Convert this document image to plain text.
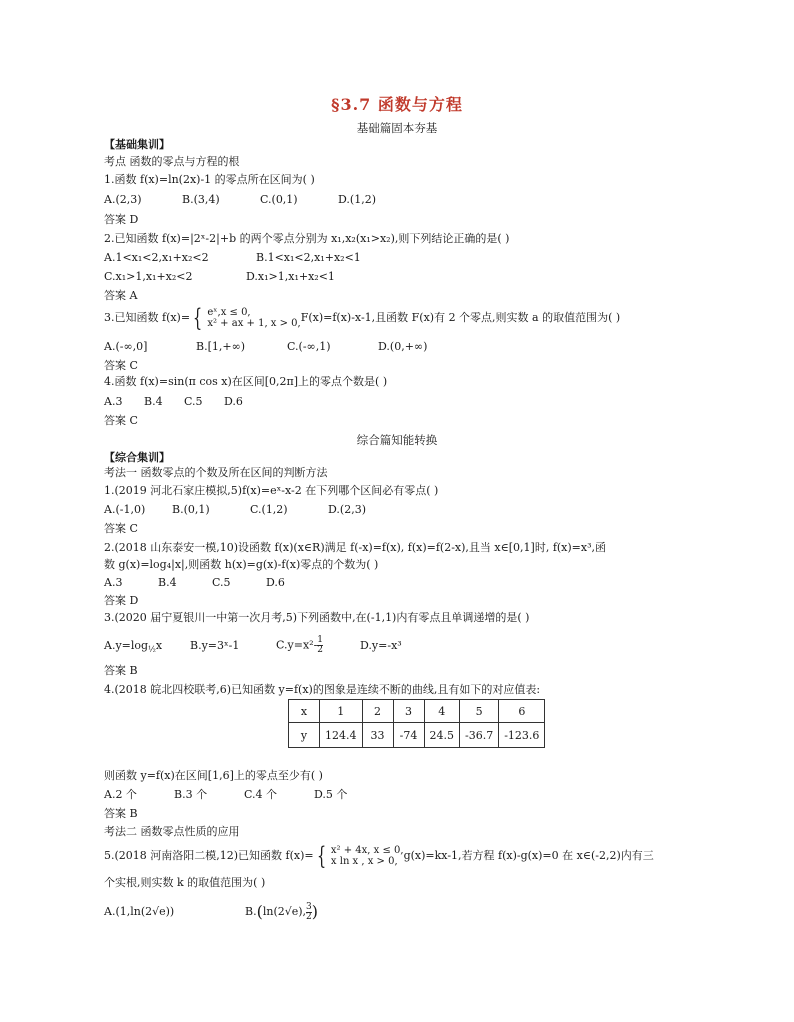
§3.7 函数与方程
基础篇固本夯基
【基础集训】
考点 函数的零点与方程的根
1.函数 f(x)=ln(2x)-1 的零点所在区间为( )
A.(2,3)	B.(3,4)	C.(0,1)	D.(1,2)
答案 D
2.已知函数 f(x)=|2ˣ-2|+b 的两个零点分别为 x₁,x₂(x₁>x₂),则下列结论正确的是( )
A.1<x₁<2,x₁+x₂<2	B.1<x₁<2,x₁+x₂<1
C.x₁>1,x₁+x₂<2	D.x₁>1,x₁+x₂<1
答案 A
3.已知函数 f(x)= { eˣ,x ≤ 0,
x² + ax + 1, x > 0,F(x)=f(x)-x-1,且函数 F(x)有 2 个零点,则实数 a 的取值范围为( )
A.(-∞,0]	B.[1,+∞)	C.(-∞,1)	D.(0,+∞)
答案 C
4.函数 f(x)=sin(π cos x)在区间[0,2π]上的零点个数是( )
A.3 B.4 C.5 D.6
答案 C
综合篇知能转换
【综合集训】
考法一 函数零点的个数及所在区间的判断方法
1.(2019 河北石家庄模拟,5)f(x)=eˣ-x-2 在下列哪个区间必有零点( )
A.(-1,0) B.(0,1)	C.(1,2)	D.(2,3)
答案 C
2.(2018 山东泰安一模,10)设函数 f(x)(x∈R)满足 f(-x)=f(x), f(x)=f(2-x),且当 x∈[0,1]时, f(x)=x³,函
数 g(x)=log₄|x|,则函数 h(x)=g(x)-f(x)零点的个数为( )
A.3	B.4	C.5	D.6
答案 D
3.(2020 届宁夏银川一中第一次月考,5)下列函数中,在(-1,1)内有零点且单调递增的是( )
$A.y=\log_{\frac{1}{2}}x$	B.y=3ˣ-1	$C.y=x^2-\frac{1}{2}$	D.y=-x³
答案 B
4.(2018 皖北四校联考,6)已知函数 y=f(x)的图象是连续不断的曲线,且有如下的对应值表:
x	1	2	3	4	5	6
y	124.4	33	-74	24.5	-36.7	-123.6
则函数 y=f(x)在区间[1,6]上的零点至少有( )
A.2 个	B.3 个	C.4 个	D.5 个
答案 B
考法二 函数零点性质的应用
5.(2018 河南洛阳二模,12)已知函数 f(x)= { x² + 4x, x ≤ 0,
x ln x , x > 0, g(x)=kx-1,若方程 f(x)-g(x)=0 在 x∈(-2,2)内有三
个实根,则实数 k 的取值范围为( )
A.(1,ln(2√e))	$B.(\ln(2√e),\frac{3}{2})$
